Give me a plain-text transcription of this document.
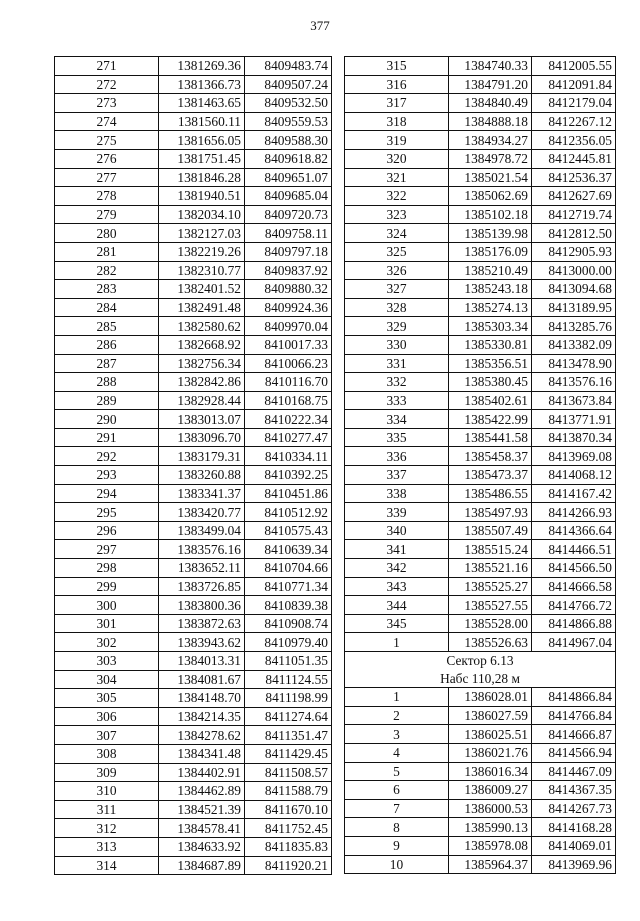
377
271	1381269.36	8409483.74
272	1381366.73	8409507.24
273	1381463.65	8409532.50
274	1381560.11	8409559.53
275	1381656.05	8409588.30
276	1381751.45	8409618.82
277	1381846.28	8409651.07
278	1381940.51	8409685.04
279	1382034.10	8409720.73
280	1382127.03	8409758.11
281	1382219.26	8409797.18
282	1382310.77	8409837.92
283	1382401.52	8409880.32
284	1382491.48	8409924.36
285	1382580.62	8409970.04
286	1382668.92	8410017.33
287	1382756.34	8410066.23
288	1382842.86	8410116.70
289	1382928.44	8410168.75
290	1383013.07	8410222.34
291	1383096.70	8410277.47
292	1383179.31	8410334.11
293	1383260.88	8410392.25
294	1383341.37	8410451.86
295	1383420.77	8410512.92
296	1383499.04	8410575.43
297	1383576.16	8410639.34
298	1383652.11	8410704.66
299	1383726.85	8410771.34
300	1383800.36	8410839.38
301	1383872.63	8410908.74
302	1383943.62	8410979.40
303	1384013.31	8411051.35
304	1384081.67	8411124.55
305	1384148.70	8411198.99
306	1384214.35	8411274.64
307	1384278.62	8411351.47
308	1384341.48	8411429.45
309	1384402.91	8411508.57
310	1384462.89	8411588.79
311	1384521.39	8411670.10
312	1384578.41	8411752.45
313	1384633.92	8411835.83
314	1384687.89	8411920.21
315	1384740.33	8412005.55
316	1384791.20	8412091.84
317	1384840.49	8412179.04
318	1384888.18	8412267.12
319	1384934.27	8412356.05
320	1384978.72	8412445.81
321	1385021.54	8412536.37
322	1385062.69	8412627.69
323	1385102.18	8412719.74
324	1385139.98	8412812.50
325	1385176.09	8412905.93
326	1385210.49	8413000.00
327	1385243.18	8413094.68
328	1385274.13	8413189.95
329	1385303.34	8413285.76
330	1385330.81	8413382.09
331	1385356.51	8413478.90
332	1385380.45	8413576.16
333	1385402.61	8413673.84
334	1385422.99	8413771.91
335	1385441.58	8413870.34
336	1385458.37	8413969.08
337	1385473.37	8414068.12
338	1385486.55	8414167.42
339	1385497.93	8414266.93
340	1385507.49	8414366.64
341	1385515.24	8414466.51
342	1385521.16	8414566.50
343	1385525.27	8414666.58
344	1385527.55	8414766.72
345	1385528.00	8414866.88
1	1385526.63	8414967.04
Сектор 6.13		
Набс 110,28 м		
1	1386028.01	8414866.84
2	1386027.59	8414766.84
3	1386025.51	8414666.87
4	1386021.76	8414566.94
5	1386016.34	8414467.09
6	1386009.27	8414367.35
7	1386000.53	8414267.73
8	1385990.13	8414168.28
9	1385978.08	8414069.01
10	1385964.37	8413969.96
